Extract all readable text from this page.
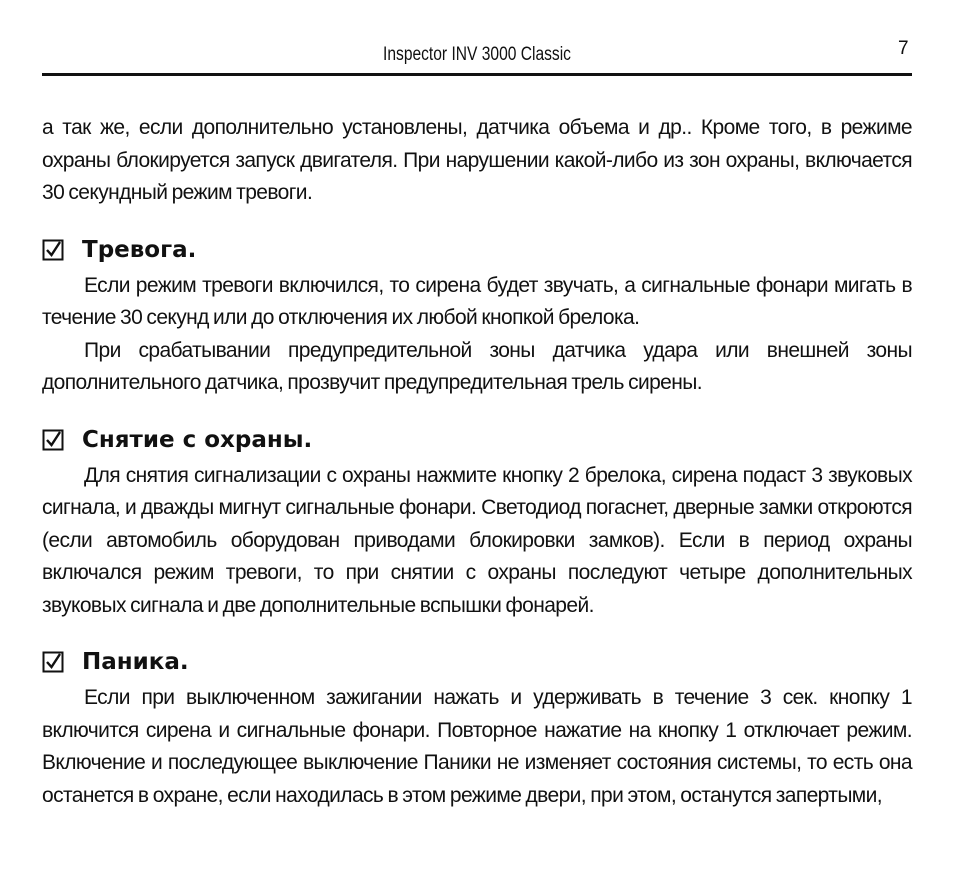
Inspector INV 3000 Classic	7

а так же, если дополнительно установлены, датчика объема и др.. Кроме того, в режиме охраны блокируется запуск двигателя. При нарушении какой-либо из зон охраны, включается 30 секундный режим тревоги.

Тревога.

Если режим тревоги включился, то сирена будет звучать, а сигнальные фонари мигать в течение 30 секунд или до отключения их любой кнопкой брелока.

При срабатывании предупредительной зоны датчика удара или внешней зоны дополнительного датчика, прозвучит предупредительная трель сирены.

Снятие с охраны.

Для снятия сигнализации с охраны нажмите кнопку 2 брелока, сирена подаст 3 звуковых сигнала, и дважды мигнут сигнальные фонари. Светодиод погаснет, дверные замки откроются (если автомобиль оборудован приводами блокировки замков). Если в период охраны включался режим тревоги, то при снятии с охраны последуют четыре дополнительных звуковых сигнала и две дополнительные вспышки фонарей.

Паника.

Если при выключенном зажигании нажать и удерживать в течение 3 сек. кнопку 1 включится сирена и сигнальные фонари. Повторное нажатие на кнопку 1 отключает режим. Включение и последующее выключение Паники не изменяет состояния системы, то есть она останется в охране, если находилась в этом режиме двери, при этом, останутся запертыми,
